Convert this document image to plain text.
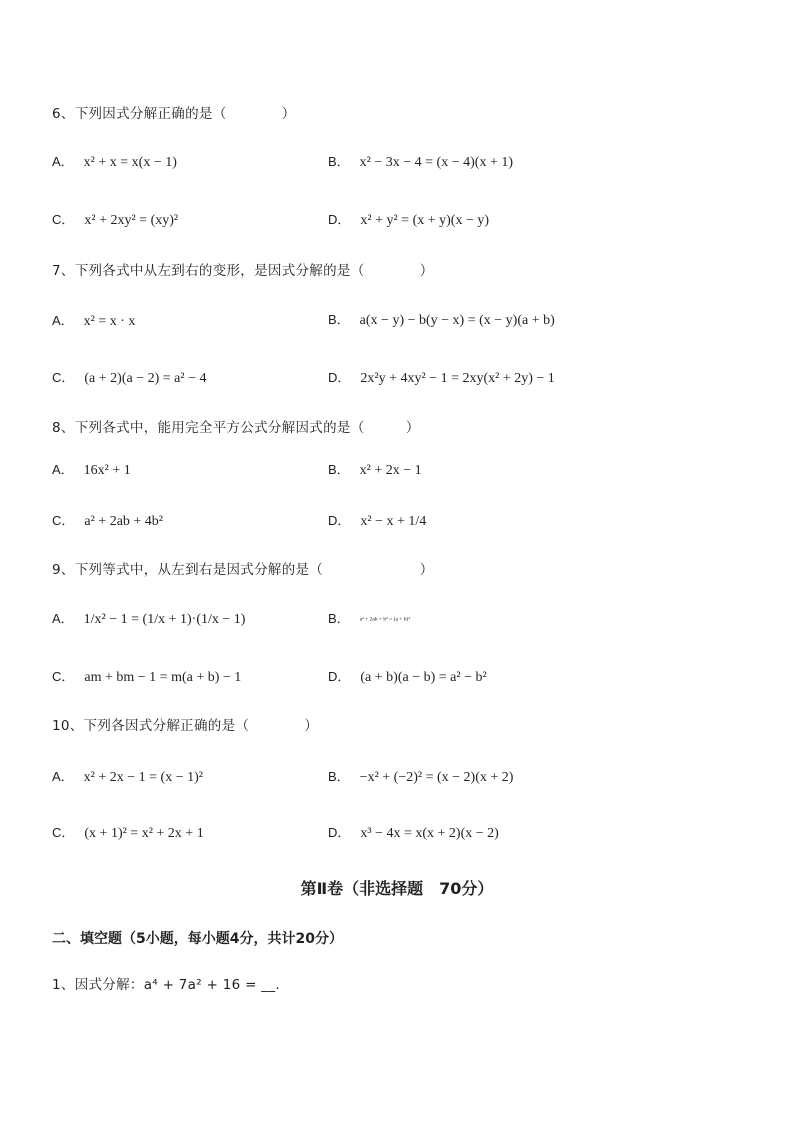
6、下列因式分解正确的是（　　　　）
A． x² + x = x(x − 1)	B． x² − 3x − 4 = (x − 4)(x + 1)
C． x² + 2xy² = (xy)²	D． x² + y² = (x + y)(x − y)
7、下列各式中从左到右的变形，是因式分解的是（　　　　）
A． x² = x · x	B． a(x − y) − b(y − x) = (x − y)(a + b)
C． (a + 2)(a − 2) = a² − 4	D． 2x²y + 4xy² − 1 = 2xy(x² + 2y) − 1
8、下列各式中，能用完全平方公式分解因式的是（　　　）
A． 16x² + 1	B． x² + 2x − 1
C． a² + 2ab + 4b²	D． x² − x + 1/4
9、下列等式中，从左到右是因式分解的是（　　　　　　　）
A． 1/x² − 1 = (1/x + 1)·(1/x − 1)	B． a² + 2ab + b² = (a + b)²
C． am + bm − 1 = m(a + b) − 1	D． (a + b)(a − b) = a² − b²
10、下列各因式分解正确的是（　　　　）
A． x² + 2x − 1 = (x − 1)²	B． −x² + (−2)² = (x − 2)(x + 2)
C． (x + 1)² = x² + 2x + 1	D． x³ − 4x = x(x + 2)(x − 2)
第Ⅱ卷（非选择题　70分）
二、填空题（5小题，每小题4分，共计20分）
1、因式分解：a⁴ + 7a² + 16 = __.
